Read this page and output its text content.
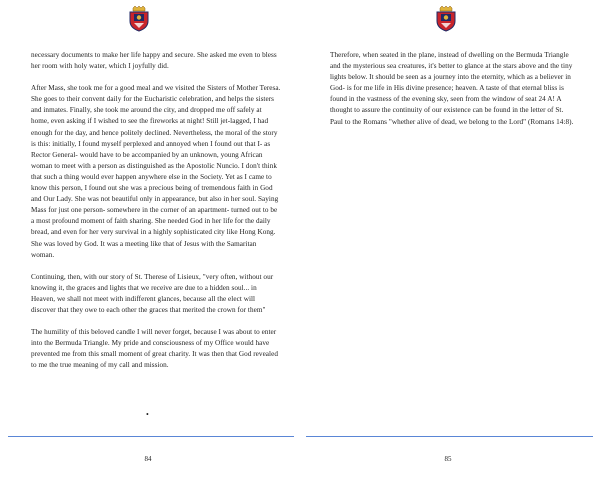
necessary documents to make her life happy and secure. She asked me even to bless her room with holy water, which I joyfully did.

After Mass, she took me for a good meal and we visited the Sisters of Mother Teresa. She goes to their convent daily for the Eucharistic celebration, and helps the sisters and inmates. Finally, she took me around the city, and dropped me off safely at home, even asking if I wished to see the fireworks at night! Still jet-lagged, I had enough for the day, and hence politely declined. Nevertheless, the moral of the story is this: initially, I found myself perplexed and annoyed when I found out that I- as Rector General- would have to be accompanied by an unknown, young African woman to meet with a person as distinguished as the Apostolic Nuncio. I don't think that such a thing would ever happen anywhere else in the Society. Yet as I came to know this person, I found out she was a precious being of tremendous faith in God and Our Lady. She was not beautiful only in appearance, but also in her soul. Saying Mass for just one person- somewhere in the corner of an apartment- turned out to be a most profound moment of faith sharing. She needed God in her life for the daily bread, and even for her very survival in a highly sophisticated city like Hong Kong. She was loved by God. It was a meeting like that of Jesus with the Samaritan woman.

Continuing, then, with our story of St. Therese of Lisieux, "very often, without our knowing it, the graces and lights that we receive are due to a hidden soul... in Heaven, we shall not meet with indifferent glances, because all the elect will discover that they owe to each other the graces that merited the crown for them"

The humility of this beloved candle I will never forget, because I was about to enter into the Bermuda Triangle. My pride and consciousness of my Office would have prevented me from this small moment of great charity. It was then that God revealed to me the true meaning of my call and mission.

•
84

Therefore, when seated in the plane, instead of dwelling on the Bermuda Triangle and the mysterious sea creatures, it's better to glance at the stars above and the tiny lights below. It should be seen as a journey into the eternity, which as a believer in God- is for me life in His divine presence; heaven. A taste of that eternal bliss is found in the vastness of the evening sky, seen from the window of seat 24 A! A thought to assure the continuity of our existence can be found in the letter of St. Paul to the Romans "whether alive of dead, we belong to the Lord" (Romans 14:8).

85
